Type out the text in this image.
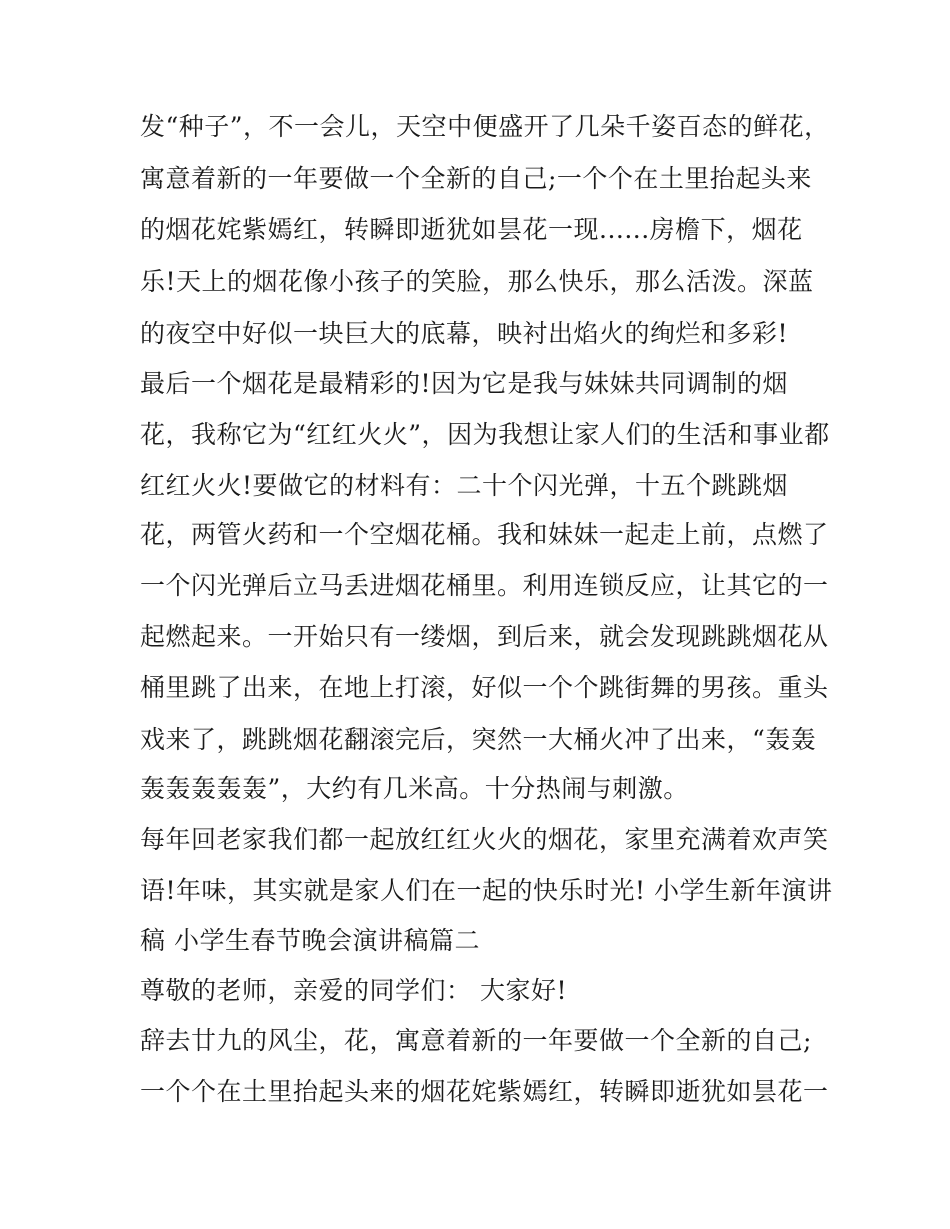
发“种子”，不一会儿，天空中便盛开了几朵千姿百态的鲜花，

寓意着新的一年要做一个全新的自己;一个个在土里抬起头来

的烟花姹紫嫣红，转瞬即逝犹如昙花一现......房檐下，烟花

乐!天上的烟花像小孩子的笑脸，那么快乐，那么活泼。深蓝

的夜空中好似一块巨大的底幕，映衬出焰火的绚烂和多彩!

最后一个烟花是最精彩的!因为它是我与妹妹共同调制的烟

花，我称它为“红红火火”，因为我想让家人们的生活和事业都

红红火火!要做它的材料有：二十个闪光弹，十五个跳跳烟

花，两管火药和一个空烟花桶。我和妹妹一起走上前，点燃了

一个闪光弹后立马丢进烟花桶里。利用连锁反应，让其它的一

起燃起来。一开始只有一缕烟，到后来，就会发现跳跳烟花从

桶里跳了出来，在地上打滚，好似一个个跳街舞的男孩。重头

戏来了，跳跳烟花翻滚完后，突然一大桶火冲了出来，“轰轰

轰轰轰轰轰”，大约有几米高。十分热闹与刺激。

每年回老家我们都一起放红红火火的烟花，家里充满着欢声笑

语!年味，其实就是家人们在一起的快乐时光! 小学生新年演讲

稿 小学生春节晚会演讲稿篇二

尊敬的老师，亲爱的同学们： 大家好!

辞去廿九的风尘，花，寓意着新的一年要做一个全新的自己;

一个个在土里抬起头来的烟花姹紫嫣红，转瞬即逝犹如昙花一
